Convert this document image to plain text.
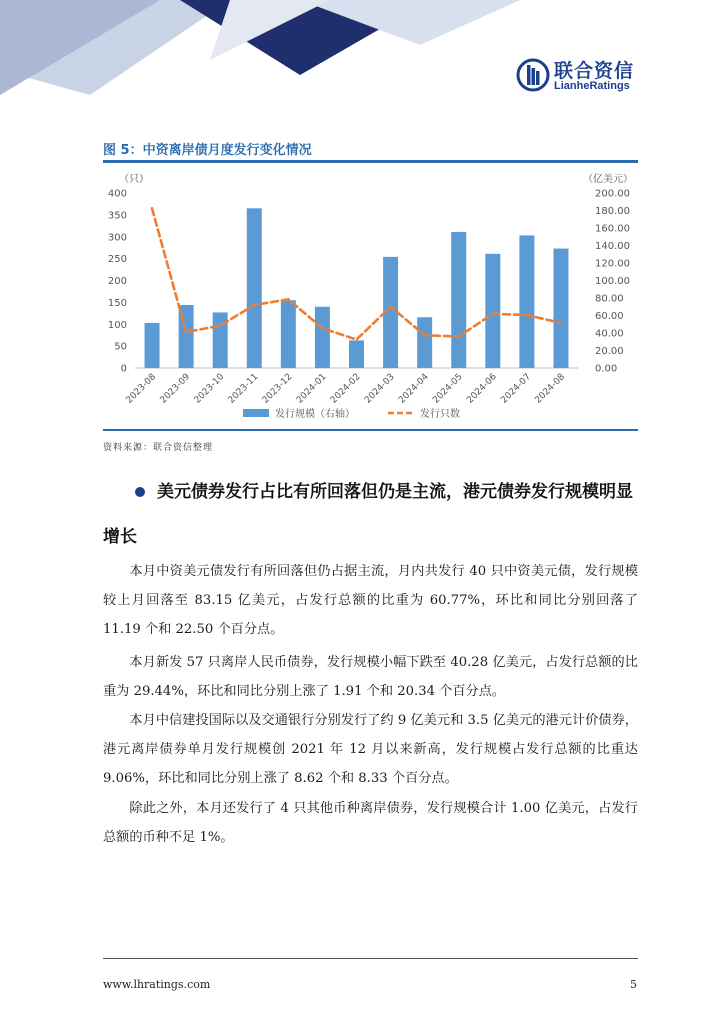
联合资信
LianheRatings
图 5：中资离岸债月度发行变化情况
（只）	（亿美元）
0
50
100
150
200
250
300
350
400
0.00
20.00
40.00
60.00
80.00
100.00
120.00
140.00
160.00
180.00
200.00
2023-08 2023-09 2023-10 2023-11 2023-12 2024-01 2024-02 2024-03 2024-04 2024-05 2024-06 2024-07 2024-08
发行规模（右轴）	发行只数
资料来源：联合资信整理
美元债券发行占比有所回落但仍是主流，港元债券发行规模明显增长

本月中资美元债发行有所回落但仍占据主流，月内共发行 40 只中资美元债，发行规模较上月回落至 83.15 亿美元，占发行总额的比重为 60.77%，环比和同比分别回落了 11.19 个和 22.50 个百分点。

本月新发 57 只离岸人民币债券，发行规模小幅下跌至 40.28 亿美元，占发行总额的比重为 29.44%，环比和同比分别上涨了 1.91 个和 20.34 个百分点。

本月中信建投国际以及交通银行分别发行了约 9 亿美元和 3.5 亿美元的港元计价债券，港元离岸债券单月发行规模创 2021 年 12 月以来新高，发行规模占发行总额的比重达 9.06%，环比和同比分别上涨了 8.62 个和 8.33 个百分点。

除此之外，本月还发行了 4 只其他币种离岸债券，发行规模合计 1.00 亿美元，占发行总额的币种不足 1%。

www.lhratings.com	5
